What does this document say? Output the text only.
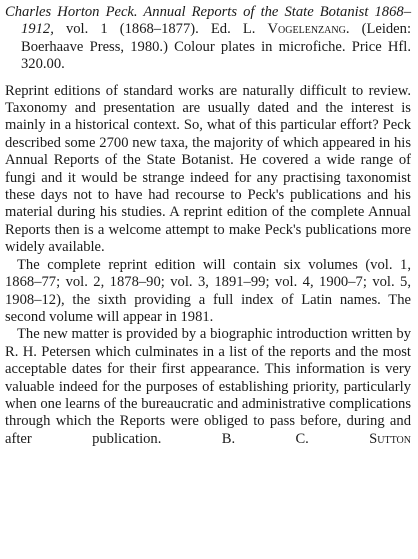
Charles Horton Peck. Annual Reports of the State Botanist 1868–1912, vol. 1 (1868–1877). Ed. L. Vogelenzang. (Leiden: Boerhaave Press, 1980.) Colour plates in microfiche. Price Hfl. 320.00.

Reprint editions of standard works are naturally difficult to review. Taxonomy and presentation are usually dated and the interest is mainly in a historical context. So, what of this particular effort? Peck described some 2700 new taxa, the majority of which appeared in his Annual Reports of the State Botanist. He covered a wide range of fungi and it would be strange indeed for any practising taxonomist these days not to have had recourse to Peck's publications and his material during his studies. A reprint edition of the complete Annual Reports then is a welcome attempt to make Peck's publications more widely available.

The complete reprint edition will contain six volumes (vol. 1, 1868–77; vol. 2, 1878–90; vol. 3, 1891–99; vol. 4, 1900–7; vol. 5, 1908–12), the sixth providing a full index of Latin names. The second volume will appear in 1981.

The new matter is provided by a biographic introduction written by R. H. Petersen which culminates in a list of the reports and the most acceptable dates for their first appearance. This information is very valuable indeed for the purposes of establishing priority, particularly when one learns of the bureaucratic and administrative complications through which the Reports were obliged to pass before, during and after publication.	B. C. Sutton
